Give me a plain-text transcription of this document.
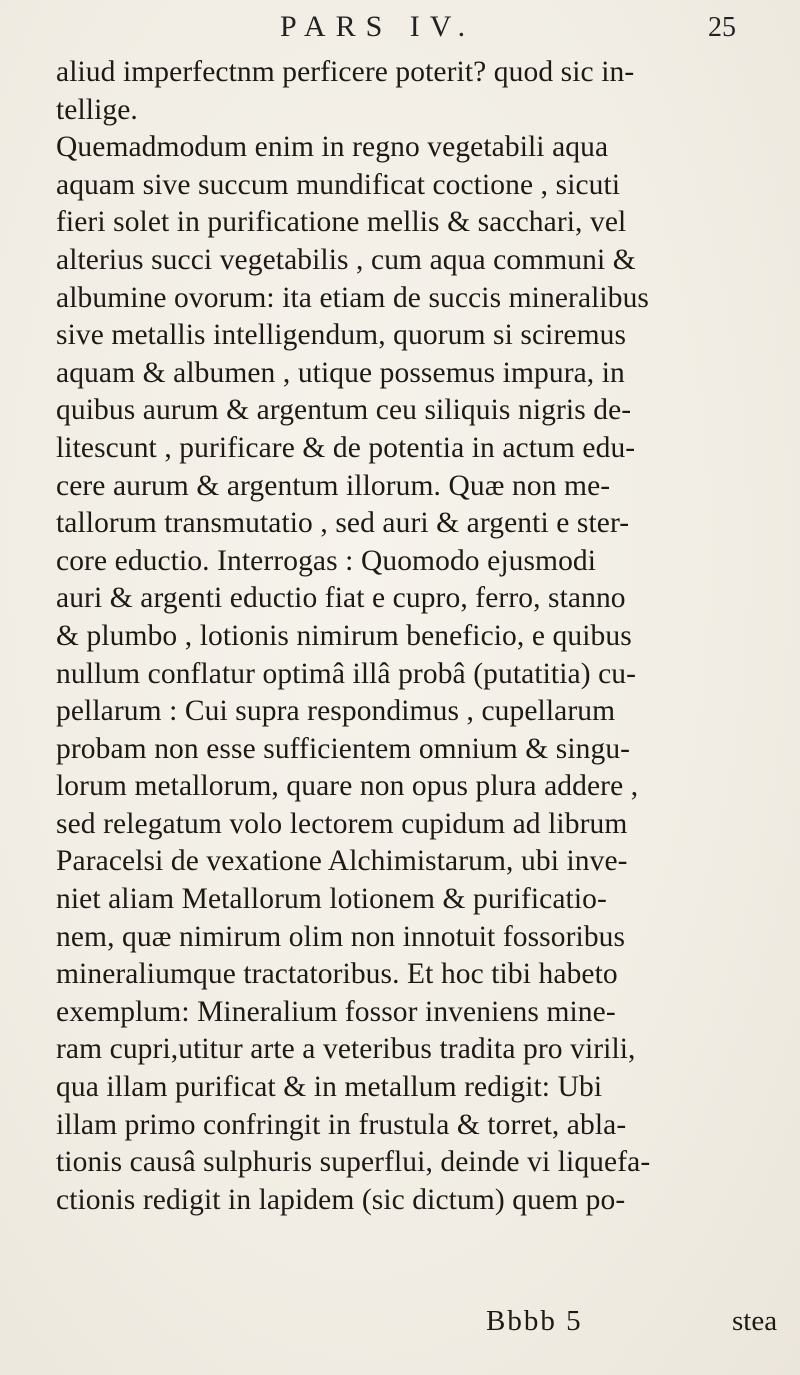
PARS IV.	25
aliud imperfectnm perficere poterit? quod sic in-
tellige.
Quemadmodum enim in regno vegetabili aqua
aquam sive succum mundificat coctione , sicuti
fieri solet in purificatione mellis & sacchari, vel
alterius succi vegetabilis , cum aqua communi &
albumine ovorum: ita etiam de succis mineralibus
sive metallis intelligendum, quorum si sciremus
aquam & albumen , utique possemus impura, in
quibus aurum & argentum ceu siliquis nigris de-
litescunt , purificare & de potentia in actum edu-
cere aurum & argentum illorum. Quæ non me-
tallorum transmutatio , sed auri & argenti e ster-
core eductio. Interrogas : Quomodo ejusmodi
auri & argenti eductio fiat e cupro, ferro, stanno
& plumbo , lotionis nimirum beneficio, e quibus
nullum conflatur optimâ illâ probâ (putatitia) cu-
pellarum : Cui supra respondimus , cupellarum
probam non esse sufficientem omnium & singu-
lorum metallorum, quare non opus plura addere ,
sed relegatum volo lectorem cupidum ad librum
Paracelsi de vexatione Alchimistarum, ubi inve-
niet aliam Metallorum lotionem & purificatio-
nem, quæ nimirum olim non innotuit fossoribus
mineraliumque tractatoribus. Et hoc tibi habeto
exemplum: Mineralium fossor inveniens mine-
ram cupri,utitur arte a veteribus tradita pro virili,
qua illam purificat & in metallum redigit: Ubi
illam primo confringit in frustula & torret, abla-
tionis causâ sulphuris superflui, deinde vi liquefa-
ctionis redigit in lapidem (sic dictum) quem po-
Bbbb 5	stea
